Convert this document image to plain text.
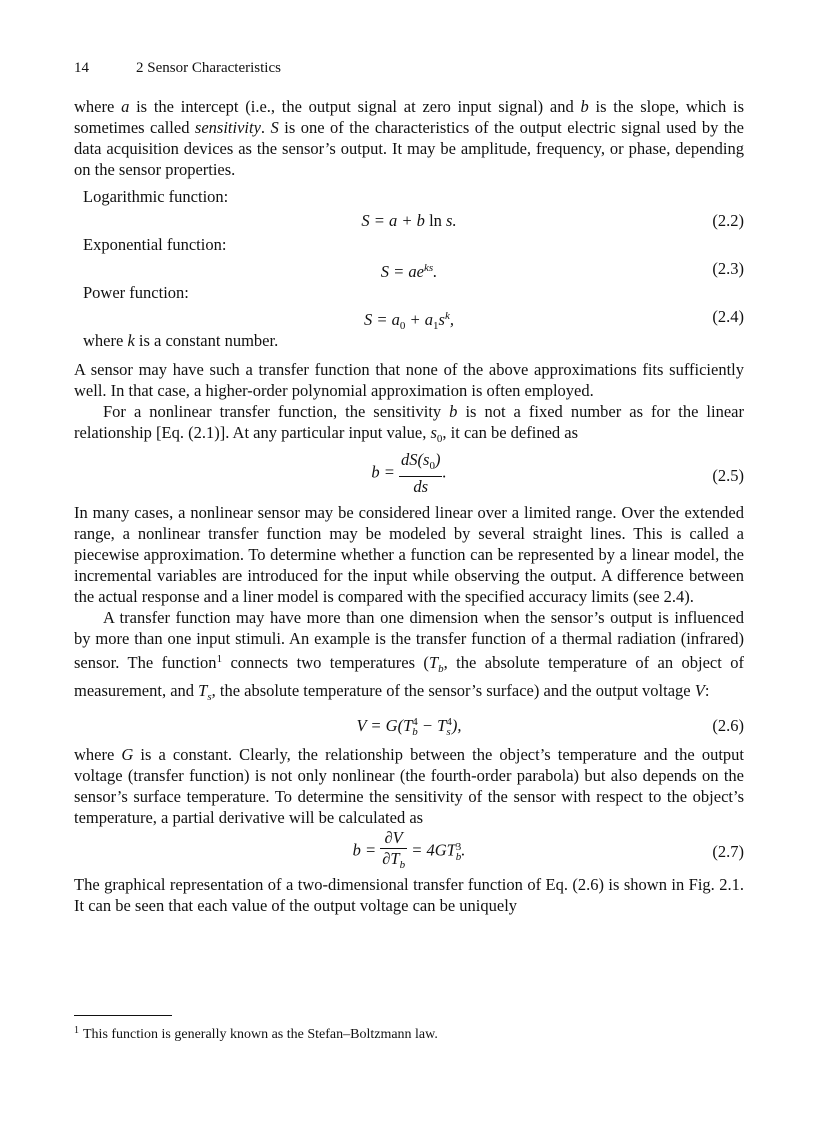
14	2 Sensor Characteristics

where a is the intercept (i.e., the output signal at zero input signal) and b is the slope, which is sometimes called sensitivity. S is one of the characteristics of the output electric signal used by the data acquisition devices as the sensor’s output. It may be amplitude, frequency, or phase, depending on the sensor properties.

Logarithmic function:
S = a + b ln s.	(2.2)
Exponential function:
$S = ae^{ks}$.	(2.3)
Power function:
$S = a_0 + a_1s^k$,	(2.4)
where k is a constant number.

A sensor may have such a transfer function that none of the above approximations fits sufficiently well. In that case, a higher-order polynomial approximation is often employed.

For a nonlinear transfer function, the sensitivity b is not a fixed number as for the linear relationship [Eq. (2.1)]. At any particular input value, $s_0$, it can be defined as

$b = \frac{dS(s_0)}{ds}$ .	(2.5)

In many cases, a nonlinear sensor may be considered linear over a limited range. Over the extended range, a nonlinear transfer function may be modeled by several straight lines. This is called a piecewise approximation. To determine whether a function can be represented by a linear model, the incremental variables are introduced for the input while observing the output. A difference between the actual response and a liner model is compared with the specified accuracy limits (see 2.4).

A transfer function may have more than one dimension when the sensor’s output is influenced by more than one input stimuli. An example is the transfer function of a thermal radiation (infrared) sensor. The function$^1$ connects two temperatures ($T_b$, the absolute temperature of an object of measurement, and $T_s$, the absolute temperature of the sensor’s surface) and the output voltage V:

V = G(T 4
b − T 4
s ),	(2.6)

where G is a constant. Clearly, the relationship between the object’s temperature and the output voltage (transfer function) is not only nonlinear (the fourth-order parabola) but also depends on the sensor’s surface temperature. To determine the sensitivity of the sensor with respect to the object’s temperature, a partial derivative will be calculated as

$b = \frac{\partial V}{\partial T_b} = 4GT$ 3
b .	(2.7)

The graphical representation of a two-dimensional transfer function of Eq. (2.6) is shown in Fig. 2.1. It can be seen that each value of the output voltage can be uniquely

$^1$ This function is generally known as the Stefan–Boltzmann law.
